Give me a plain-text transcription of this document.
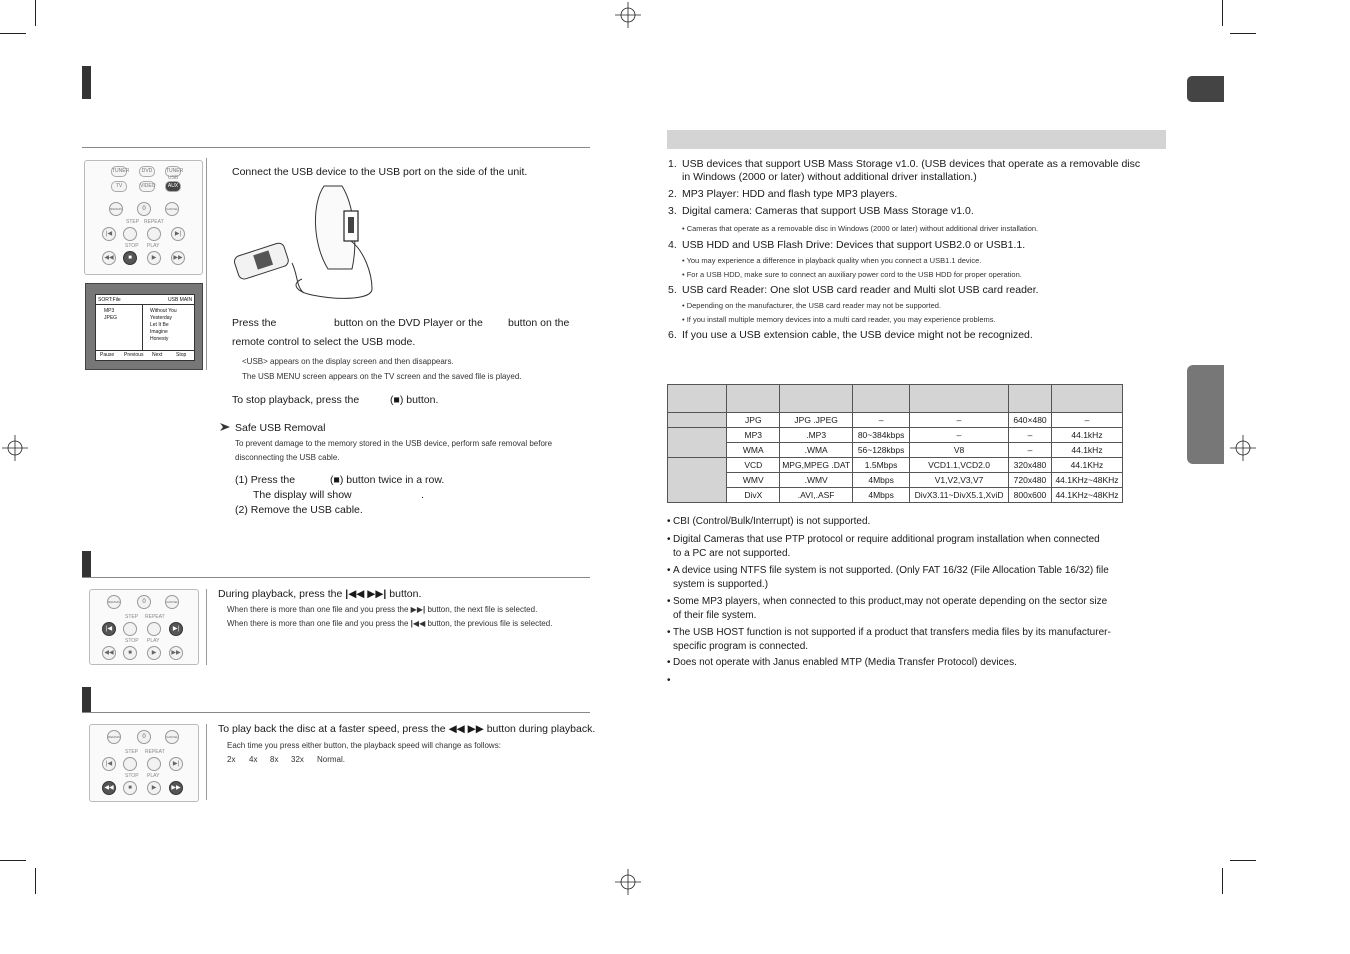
TUNER	DVD	TUNER
TV	VIDEO
USB
AUX
REMAIN	0	CANCEL
STEP REPEAT
|◀	▶|
STOP PLAY
◀◀	■	▶	▶▶
SORT:File	USB MAIN
MP3
JPEG
Without You
Yesterday
Let It Be
Imagine
Honesty
Pause Previous Next	Stop
Connect the USB device to the USB port on the side of the unit.
Press the	button on the DVD Player or the button on the
remote control to select the USB mode.
<USB> appears on the display screen and then disappears.
The USB MENU screen appears on the TV screen and the saved file is played.
To stop playback, press the	(■) button.
Safe USB Removal
To prevent damage to the memory stored in the USB device, perform safe removal before
disconnecting the USB cable.
(1) Press the	(■) button twice in a row.
The display will show	.
(2) Remove the USB cable.
REMAIN	0	CANCEL
STEP REPEAT
|◀	▶|
STOP PLAY
◀◀	■	▶	▶▶
During playback, press the |◀◀ ▶▶| button.
When there is more than one file and you press the ▶▶| button, the next file is selected.
When there is more than one file and you press the |◀◀ button, the previous file is selected.
REMAIN	0	CANCEL
STEP REPEAT
|◀	▶|
STOP PLAY
◀◀	■	▶	▶▶
To play back the disc at a faster speed, press the ◀◀ ▶▶ button during playback.
Each time you press either button, the playback speed will change as follows:
2x 4x 8x 32x Normal.
1. USB devices that support USB Mass Storage v1.0. (USB devices that operate as a removable disc
in Windows (2000 or later) without additional driver installation.)
2. MP3 Player: HDD and flash type MP3 players.
3. Digital camera: Cameras that support USB Mass Storage v1.0.
• Cameras that operate as a removable disc in Windows (2000 or later) without additional driver installation.
4. USB HDD and USB Flash Drive: Devices that support USB2.0 or USB1.1.
• You may experience a difference in playback quality when you connect a USB1.1 device.
• For a USB HDD, make sure to connect an auxiliary power cord to the USB HDD for proper operation.
5. USB card Reader: One slot USB card reader and Multi slot USB card reader.
• Depending on the manufacturer, the USB card reader may not be supported.
• If you install multiple memory devices into a multi card reader, you may experience problems.
6. If you use a USB extension cable, the USB device might not be recognized.

	JPG	JPG .JPEG	–	–	640×480	–
	MP3	.MP3	80~384kbps	–	–	44.1kHz
	WMA	.WMA	56~128kbps	V8	–	44.1kHz
	VCD	MPG,MPEG .DAT	1.5Mbps	VCD1.1,VCD2.0	320x480	44.1KHz
	WMV	.WMV	4Mbps	V1,V2,V3,V7	720x480	44.1KHz~48KHz
	DivX	.AVI,.ASF	4Mbps	DivX3.11~DivX5.1,XviD	800x600	44.1KHz~48KHz
• CBI (Control/Bulk/Interrupt) is not supported.
• Digital Cameras that use PTP protocol or require additional program installation when connected
to a PC are not supported.
• A device using NTFS file system is not supported. (Only FAT 16/32 (File Allocation Table 16/32) file
system is supported.)
• Some MP3 players, when connected to this product,may not operate depending on the sector size
of their file system.
• The USB HOST function is not supported if a product that transfers media files by its manufacturer-
specific program is connected.
• Does not operate with Janus enabled MTP (Media Transfer Protocol) devices.
•
